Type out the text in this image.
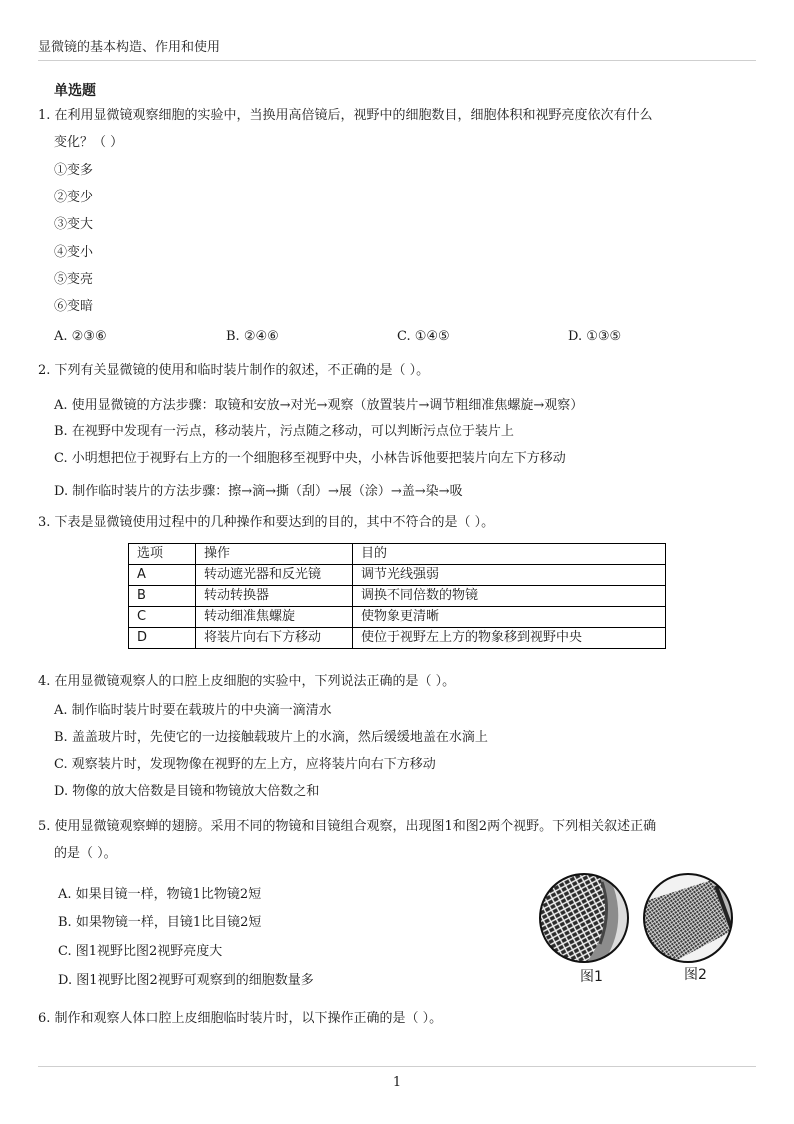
显微镜的基本构造、作用和使用
单选题
1. 在利用显微镜观察细胞的实验中，当换用高倍镜后，视野中的细胞数目，细胞体积和视野亮度依次有什么
变化？（ ）
①变多
②变少
③变大
④变小
⑤变亮
⑥变暗
A. ②③⑥	B. ②④⑥	C. ①④⑤	D. ①③⑤
2. 下列有关显微镜的使用和临时装片制作的叙述，不正确的是（ ）。
A. 使用显微镜的方法步骤：取镜和安放→对光→观察（放置装片→调节粗细准焦螺旋→观察）
B. 在视野中发现有一污点，移动装片，污点随之移动，可以判断污点位于装片上
C. 小明想把位于视野右上方的一个细胞移至视野中央，小林告诉他要把装片向左下方移动
D. 制作临时装片的方法步骤：擦→滴→撕（刮）→展（涂）→盖→染→吸
3. 下表是显微镜使用过程中的几种操作和要达到的目的，其中不符合的是（ ）。
选项	操作	目的
A	转动遮光器和反光镜	调节光线强弱
B	转动转换器	调换不同倍数的物镜
C	转动细准焦螺旋	使物象更清晰
D	将装片向右下方移动	使位于视野左上方的物象移到视野中央
4. 在用显微镜观察人的口腔上皮细胞的实验中，下列说法正确的是（ ）。
A. 制作临时装片时要在载玻片的中央滴一滴清水
B. 盖盖玻片时，先使它的一边接触载玻片上的水滴，然后缓缓地盖在水滴上
C. 观察装片时，发现物像在视野的左上方，应将装片向右下方移动
D. 物像的放大倍数是目镜和物镜放大倍数之和
5. 使用显微镜观察蝉的翅膀。采用不同的物镜和目镜组合观察，出现图1和图2两个视野。下列相关叙述正确
的是（ ）。
A. 如果目镜一样，物镜1比物镜2短
B. 如果物镜一样，目镜1比目镜2短
C. 图1视野比图2视野亮度大
D. 图1视野比图2视野可观察到的细胞数量多	图1	图2
6. 制作和观察人体口腔上皮细胞临时装片时，以下操作正确的是（ ）。
1
